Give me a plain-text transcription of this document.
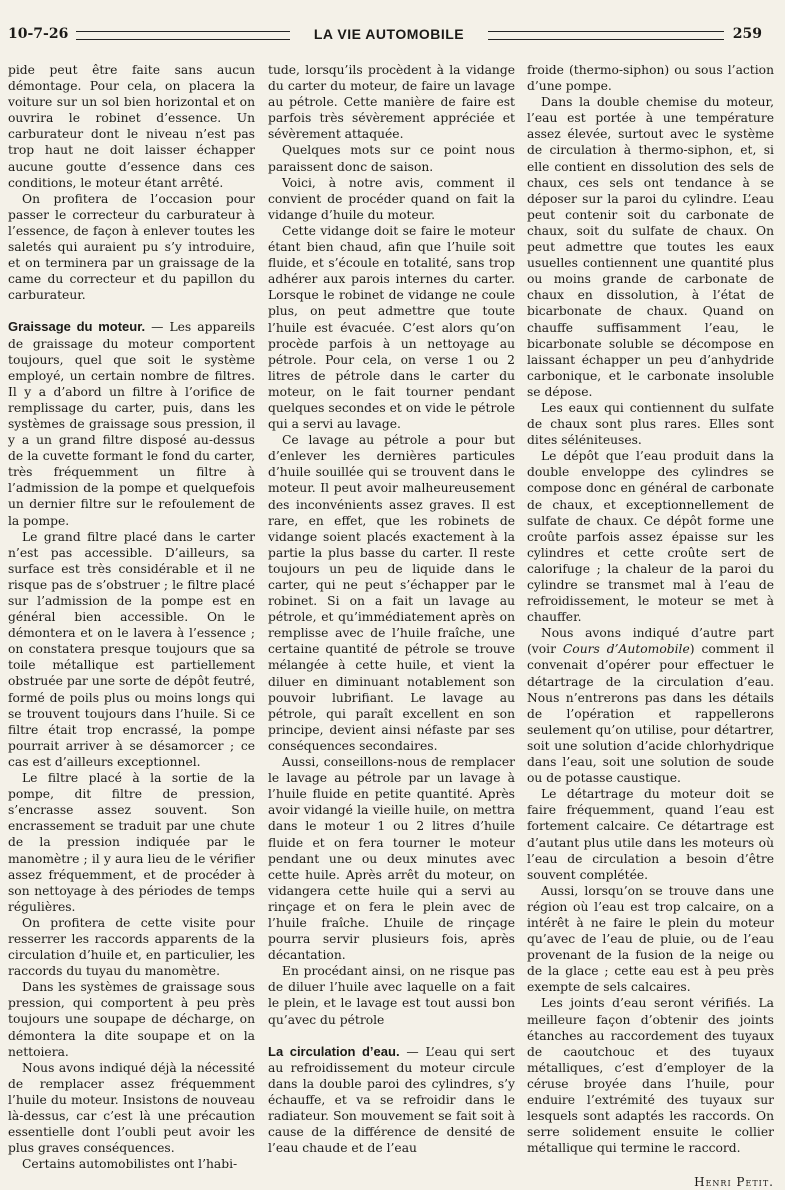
10-7-26	LA VIE AUTOMOBILE	259

pide peut être faite sans aucun démontage. Pour cela, on placera la voiture sur un sol bien horizontal et on ouvrira le robinet d’essence. Un carburateur dont le niveau n’est pas trop haut ne doit laisser échapper aucune goutte d’essence dans ces conditions, le moteur étant arrêté.

On profitera de l’occasion pour passer le correcteur du carburateur à l’essence, de façon à enlever toutes les saletés qui auraient pu s’y introduire, et on terminera par un graissage de la came du correcteur et du papillon du carburateur.

Graissage du moteur. — Les appareils de graissage du moteur comportent toujours, quel que soit le système employé, un certain nombre de filtres. Il y a d’abord un filtre à l’orifice de remplissage du carter, puis, dans les systèmes de graissage sous pression, il y a un grand filtre disposé au-dessus de la cuvette formant le fond du carter, très fréquemment un filtre à l’admission de la pompe et quelquefois un dernier filtre sur le refoulement de la pompe.

Le grand filtre placé dans le carter n’est pas accessible. D’ailleurs, sa surface est très considérable et il ne risque pas de s’obstruer ; le filtre placé sur l’admission de la pompe est en général bien accessible. On le démontera et on le lavera à l’essence ; on constatera presque toujours que sa toile métallique est partiellement obstruée par une sorte de dépôt feutré, formé de poils plus ou moins longs qui se trouvent toujours dans l’huile. Si ce filtre était trop encrassé, la pompe pourrait arriver à se désamorcer ; ce cas est d’ailleurs exceptionnel.

Le filtre placé à la sortie de la pompe, dit filtre de pression, s’encrasse assez souvent. Son encrassement se traduit par une chute de la pression indiquée par le manomètre ; il y aura lieu de le vérifier assez fréquemment, et de procéder à son nettoyage à des périodes de temps régulières.

On profitera de cette visite pour resserrer les raccords apparents de la circulation d’huile et, en particulier, les raccords du tuyau du manomètre.

Dans les systèmes de graissage sous pression, qui comportent à peu près toujours une soupape de décharge, on démontera la dite soupape et on la nettoiera.

Nous avons indiqué déjà la nécessité de remplacer assez fréquemment l’huile du moteur. Insistons de nouveau là-dessus, car c’est là une précaution essentielle dont l’oubli peut avoir les plus graves conséquences.

Certains automobilistes ont l’habi-

tude, lorsqu’ils procèdent à la vidange du carter du moteur, de faire un lavage au pétrole. Cette manière de faire est parfois très sévèrement appréciée et sévèrement attaquée.

Quelques mots sur ce point nous paraissent donc de saison.

Voici, à notre avis, comment il convient de procéder quand on fait la vidange d’huile du moteur.

Cette vidange doit se faire le moteur étant bien chaud, afin que l’huile soit fluide, et s’écoule en totalité, sans trop adhérer aux parois internes du carter. Lorsque le robinet de vidange ne coule plus, on peut admettre que toute l’huile est évacuée. C’est alors qu’on procède parfois à un nettoyage au pétrole. Pour cela, on verse 1 ou 2 litres de pétrole dans le carter du moteur, on le fait tourner pendant quelques secondes et on vide le pétrole qui a servi au lavage.

Ce lavage au pétrole a pour but d’enlever les dernières particules d’huile souillée qui se trouvent dans le moteur. Il peut avoir malheureusement des inconvénients assez graves. Il est rare, en effet, que les robinets de vidange soient placés exactement à la partie la plus basse du carter. Il reste toujours un peu de liquide dans le carter, qui ne peut s’échapper par le robinet. Si on a fait un lavage au pétrole, et qu’immédiatement après on remplisse avec de l’huile fraîche, une certaine quantité de pétrole se trouve mélangée à cette huile, et vient la diluer en diminuant notablement son pouvoir lubrifiant. Le lavage au pétrole, qui paraît excellent en son principe, devient ainsi néfaste par ses conséquences secondaires.

Aussi, conseillons-nous de remplacer le lavage au pétrole par un lavage à l’huile fluide en petite quantité. Après avoir vidangé la vieille huile, on mettra dans le moteur 1 ou 2 litres d’huile fluide et on fera tourner le moteur pendant une ou deux minutes avec cette huile. Après arrêt du moteur, on vidangera cette huile qui a servi au rinçage et on fera le plein avec de l’huile fraîche. L’huile de rinçage pourra servir plusieurs fois, après décantation.

En procédant ainsi, on ne risque pas de diluer l’huile avec laquelle on a fait le plein, et le lavage est tout aussi bon qu’avec du pétrole

La circulation d’eau. — L’eau qui sert au refroidissement du moteur circule dans la double paroi des cylindres, s’y échauffe, et va se refroidir dans le radiateur. Son mouvement se fait soit à cause de la différence de densité de l’eau chaude et de l’eau

froide (thermo-siphon) ou sous l’action d’une pompe.

Dans la double chemise du moteur, l’eau est portée à une température assez élevée, surtout avec le système de circulation à thermo-siphon, et, si elle contient en dissolution des sels de chaux, ces sels ont tendance à se déposer sur la paroi du cylindre. L’eau peut contenir soit du carbonate de chaux, soit du sulfate de chaux. On peut admettre que toutes les eaux usuelles contiennent une quantité plus ou moins grande de carbonate de chaux en dissolution, à l’état de bicarbonate de chaux. Quand on chauffe suffisamment l’eau, le bicarbonate soluble se décompose en laissant échapper un peu d’anhydride carbonique, et le carbonate insoluble se dépose.

Les eaux qui contiennent du sulfate de chaux sont plus rares. Elles sont dites séléniteuses.

Le dépôt que l’eau produit dans la double enveloppe des cylindres se compose donc en général de carbonate de chaux, et exceptionnellement de sulfate de chaux. Ce dépôt forme une croûte parfois assez épaisse sur les cylindres et cette croûte sert de calorifuge ; la chaleur de la paroi du cylindre se transmet mal à l’eau de refroidissement, le moteur se met à chauffer.

Nous avons indiqué d’autre part (voir Cours d’Automobile) comment il convenait d’opérer pour effectuer le détartrage de la circulation d’eau. Nous n’entrerons pas dans les détails de l’opération et rappellerons seulement qu’on utilise, pour détartrer, soit une solution d’acide chlorhydrique dans l’eau, soit une solution de soude ou de potasse caustique.

Le détartrage du moteur doit se faire fréquemment, quand l’eau est fortement calcaire. Ce détartrage est d’autant plus utile dans les moteurs où l’eau de circulation a besoin d’être souvent complétée.

Aussi, lorsqu’on se trouve dans une région où l’eau est trop calcaire, on a intérêt à ne faire le plein du moteur qu’avec de l’eau de pluie, ou de l’eau provenant de la fusion de la neige ou de la glace ; cette eau est à peu près exempte de sels calcaires.

Les joints d’eau seront vérifiés. La meilleure façon d’obtenir des joints étanches au raccordement des tuyaux de caoutchouc et des tuyaux métalliques, c’est d’employer de la céruse broyée dans l’huile, pour enduire l’extrémité des tuyaux sur lesquels sont adaptés les raccords. On serre solidement ensuite le collier métallique qui termine le raccord.

Henri Petit.
